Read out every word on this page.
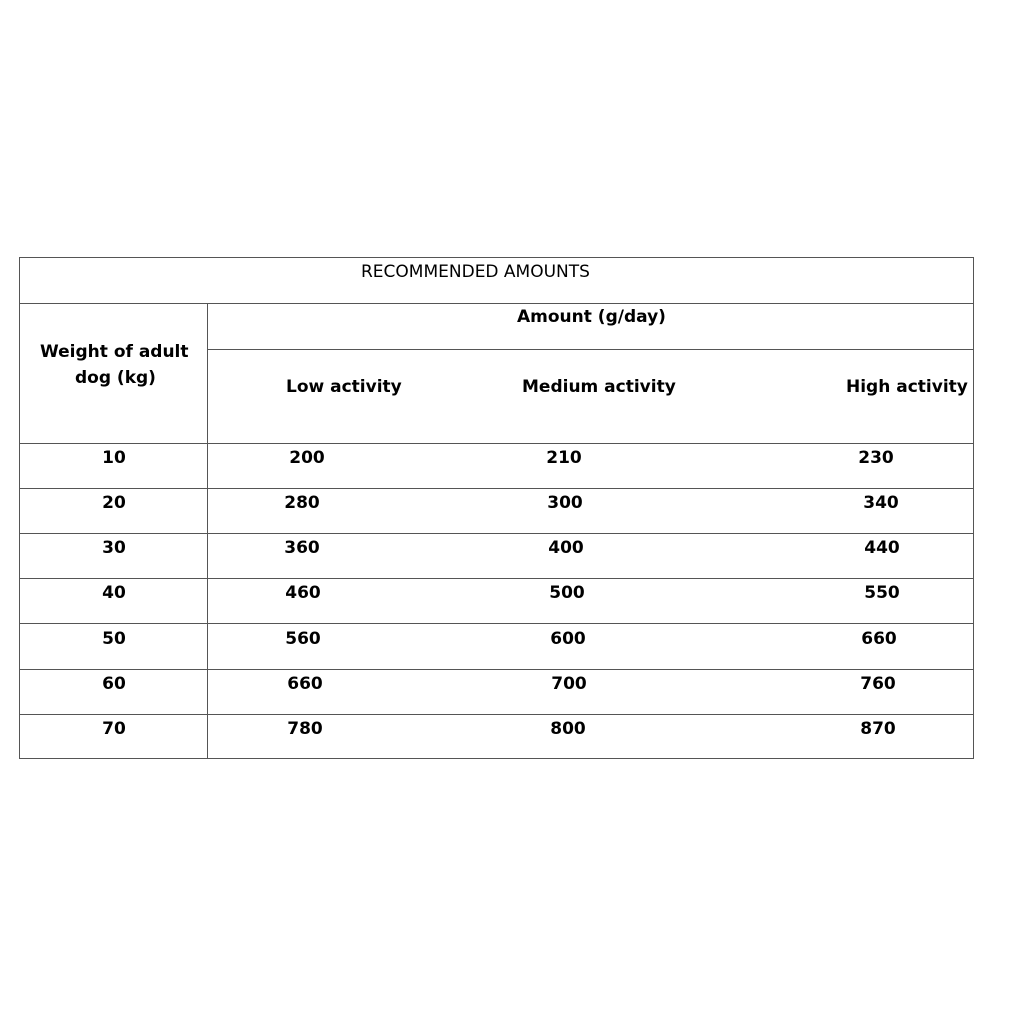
RECOMMENDED AMOUNTS
Weight of adult
dog (kg)
Amount (g/day)
Low activity	Medium activity	High activity
10	200	210	230
20	280	300	340
30	360	400	440
40	460	500	550
50	560	600	660
60	660	700	760
70	780	800	870
